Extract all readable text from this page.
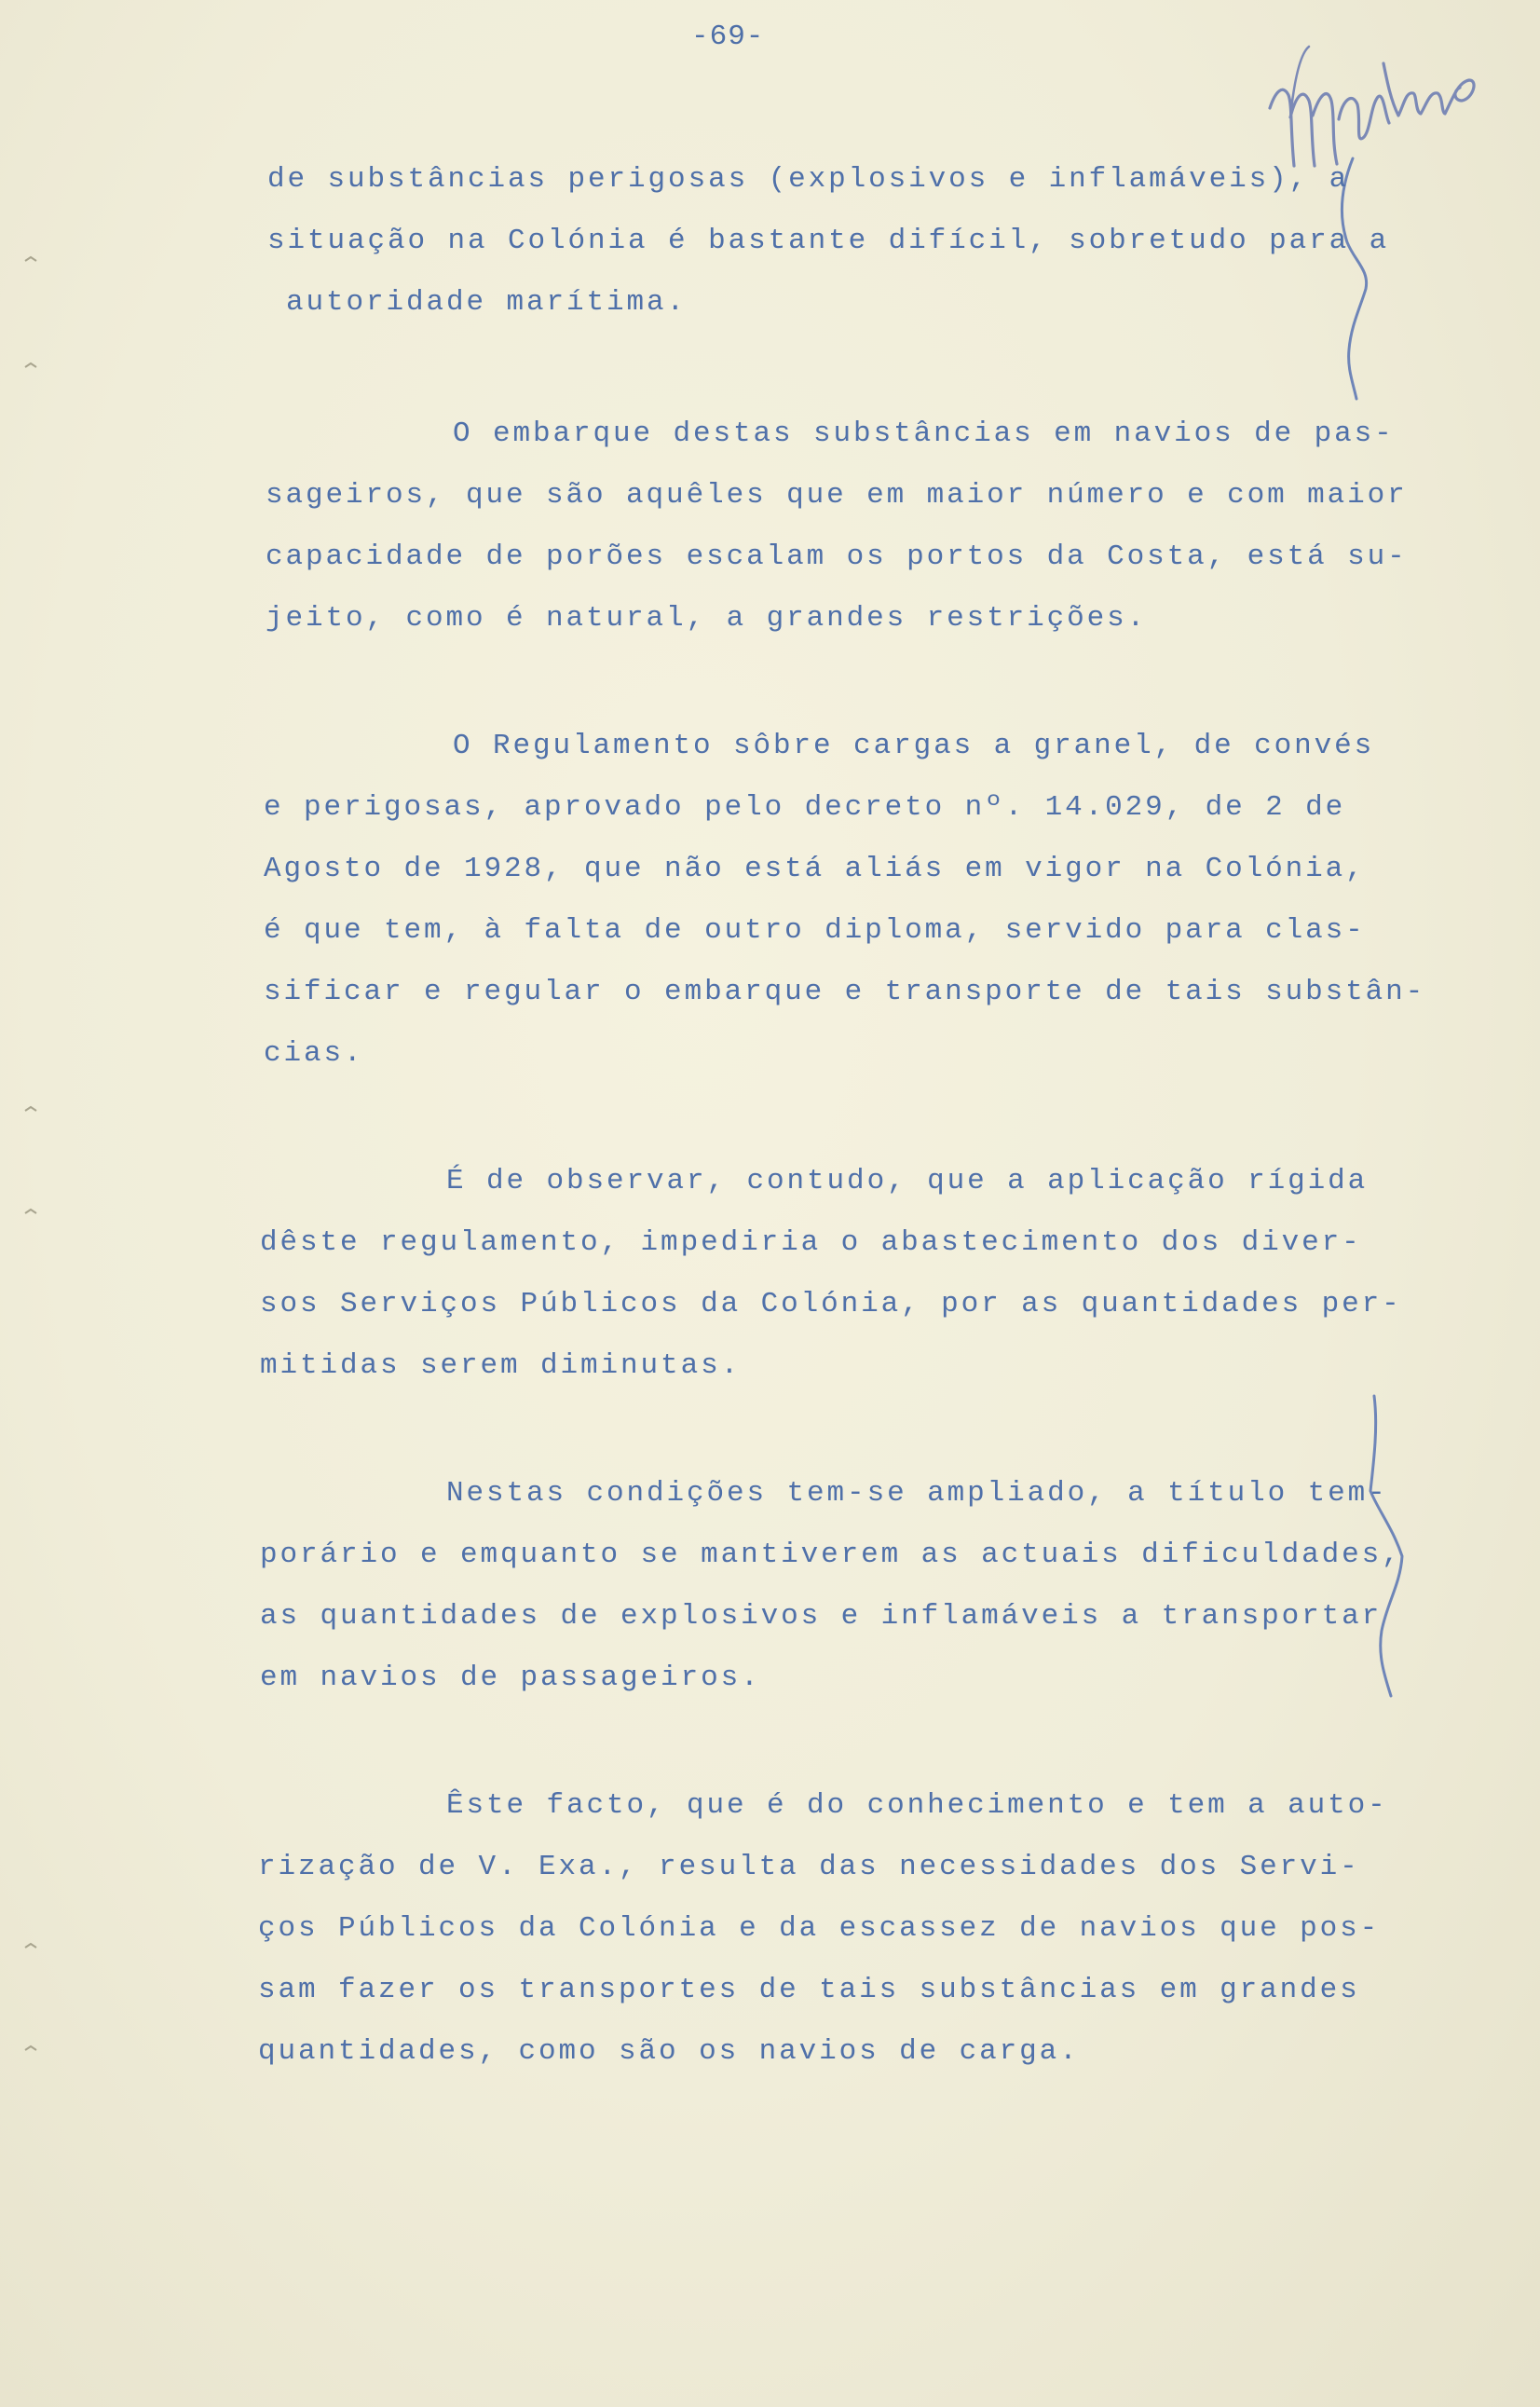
-69-
de substâncias perigosas (explosivos e inflamáveis), a
situação na Colónia é bastante difícil, sobretudo para a
autoridade marítima.
O embarque destas substâncias em navios de pas-
sageiros, que são aquêles que em maior número e com maior
capacidade de porões escalam os portos da Costa, está su-
jeito, como é natural, a grandes restrições.
O Regulamento sôbre cargas a granel, de convés
e perigosas, aprovado pelo decreto nº. 14.029, de 2 de
Agosto de 1928, que não está aliás em vigor na Colónia,
é que tem, à falta de outro diploma, servido para clas-
sificar e regular o embarque e transporte de tais substân-
cias.
É de observar, contudo, que a aplicação rígida
dêste regulamento, impediria o abastecimento dos diver-
sos Serviços Públicos da Colónia, por as quantidades per-
mitidas serem diminutas.
Nestas condições tem-se ampliado, a título tem-
porário e emquanto se mantiverem as actuais dificuldades,
as quantidades de explosivos e inflamáveis a transportar
em navios de passageiros.
Êste facto, que é do conhecimento e tem a auto-
rização de V. Exa., resulta das necessidades dos Servi-
ços Públicos da Colónia e da escassez de navios que pos-
sam fazer os transportes de tais substâncias em grandes
quantidades, como são os navios de carga.
